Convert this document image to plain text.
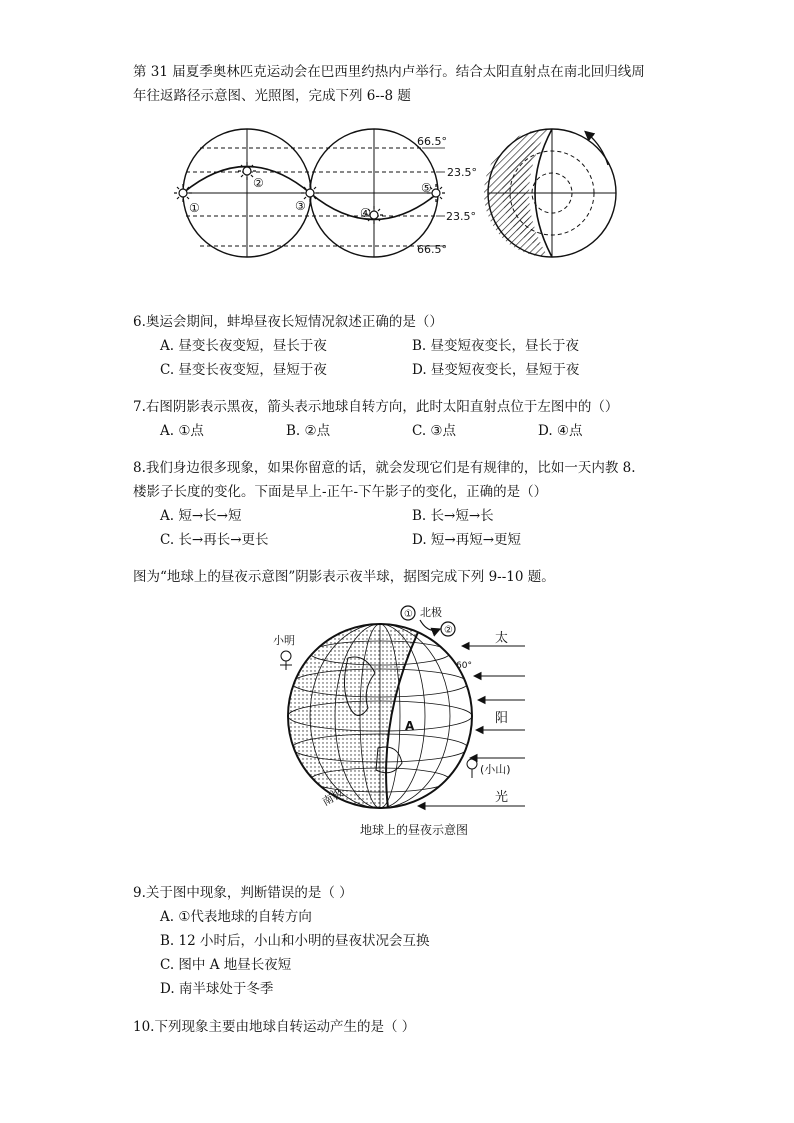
第 31 届夏季奥林匹克运动会在巴西里约热内卢举行。结合太阳直射点在南北回归线周
年往返路径示意图、光照图，完成下列 6--8 题
①
②
③	④
⑤
66.5°
23.5°
23.5°
66.5°
6.奥运会期间，蚌埠昼夜长短情况叙述正确的是（）
A. 昼变长夜变短，昼长于夜	B. 昼变短夜变长，昼长于夜
C. 昼变长夜变短，昼短于夜	D. 昼变短夜变长，昼短于夜
7.右图阴影表示黑夜，箭头表示地球自转方向，此时太阳直射点位于左图中的（）
A. ①点	B. ②点	C. ③点	D. ④点
8.我们身边很多现象，如果你留意的话，就会发现它们是有规律的，比如一天内教 8.
楼影子长度的变化。下面是早上-正午-下午影子的变化，正确的是（）
A. 短→长→短	B. 长→短→长
C. 长→再长→更长	D. 短→再短→更短
图为“地球上的昼夜示意图”阴影表示夜半球，据图完成下列 9--10 题。
A
60°
北极
①
②
南极
小明
(小山)
太
阳
光
地球上的昼夜示意图
9.关于图中现象，判断错误的是（ ）
A. ①代表地球的自转方向
B. 12 小时后，小山和小明的昼夜状况会互换
C. 图中 A 地昼长夜短
D. 南半球处于冬季
10.下列现象主要由地球自转运动产生的是（ ）
